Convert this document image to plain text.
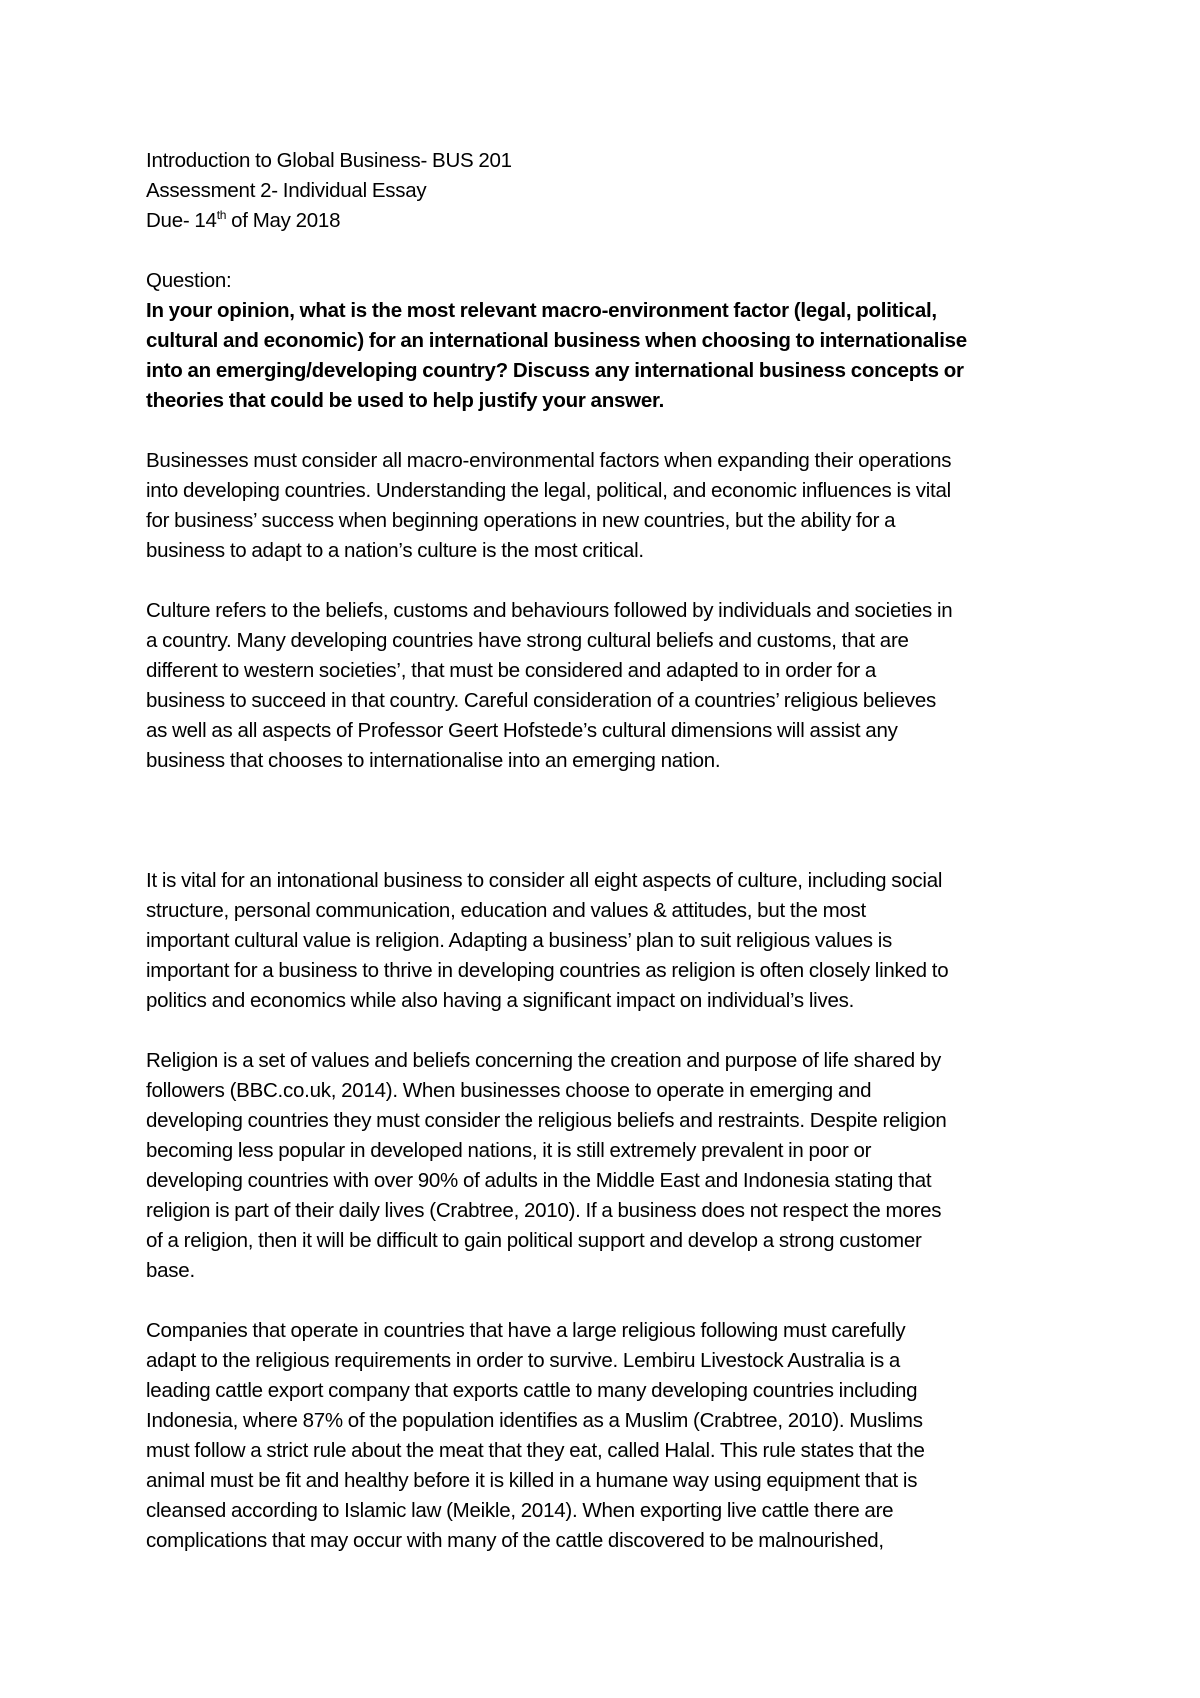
Introduction to Global Business- BUS 201
Assessment 2- Individual Essay
Due- 14th of May 2018
Question:
In your opinion, what is the most relevant macro-environment factor (legal, political,
cultural and economic) for an international business when choosing to internationalise
into an emerging/developing country? Discuss any international business concepts or
theories that could be used to help justify your answer.
Businesses must consider all macro-environmental factors when expanding their operations
into developing countries. Understanding the legal, political, and economic influences is vital
for business’ success when beginning operations in new countries, but the ability for a
business to adapt to a nation’s culture is the most critical.
Culture refers to the beliefs, customs and behaviours followed by individuals and societies in
a country. Many developing countries have strong cultural beliefs and customs, that are
different to western societies’, that must be considered and adapted to in order for a
business to succeed in that country. Careful consideration of a countries’ religious believes
as well as all aspects of Professor Geert Hofstede’s cultural dimensions will assist any
business that chooses to internationalise into an emerging nation.
It is vital for an intonational business to consider all eight aspects of culture, including social
structure, personal communication, education and values & attitudes, but the most
important cultural value is religion. Adapting a business’ plan to suit religious values is
important for a business to thrive in developing countries as religion is often closely linked to
politics and economics while also having a significant impact on individual’s lives.
Religion is a set of values and beliefs concerning the creation and purpose of life shared by
followers (BBC.co.uk, 2014). When businesses choose to operate in emerging and
developing countries they must consider the religious beliefs and restraints. Despite religion
becoming less popular in developed nations, it is still extremely prevalent in poor or
developing countries with over 90% of adults in the Middle East and Indonesia stating that
religion is part of their daily lives (Crabtree, 2010). If a business does not respect the mores
of a religion, then it will be difficult to gain political support and develop a strong customer
base.
Companies that operate in countries that have a large religious following must carefully
adapt to the religious requirements in order to survive. Lembiru Livestock Australia is a
leading cattle export company that exports cattle to many developing countries including
Indonesia, where 87% of the population identifies as a Muslim (Crabtree, 2010). Muslims
must follow a strict rule about the meat that they eat, called Halal. This rule states that the
animal must be fit and healthy before it is killed in a humane way using equipment that is
cleansed according to Islamic law (Meikle, 2014). When exporting live cattle there are
complications that may occur with many of the cattle discovered to be malnourished,
